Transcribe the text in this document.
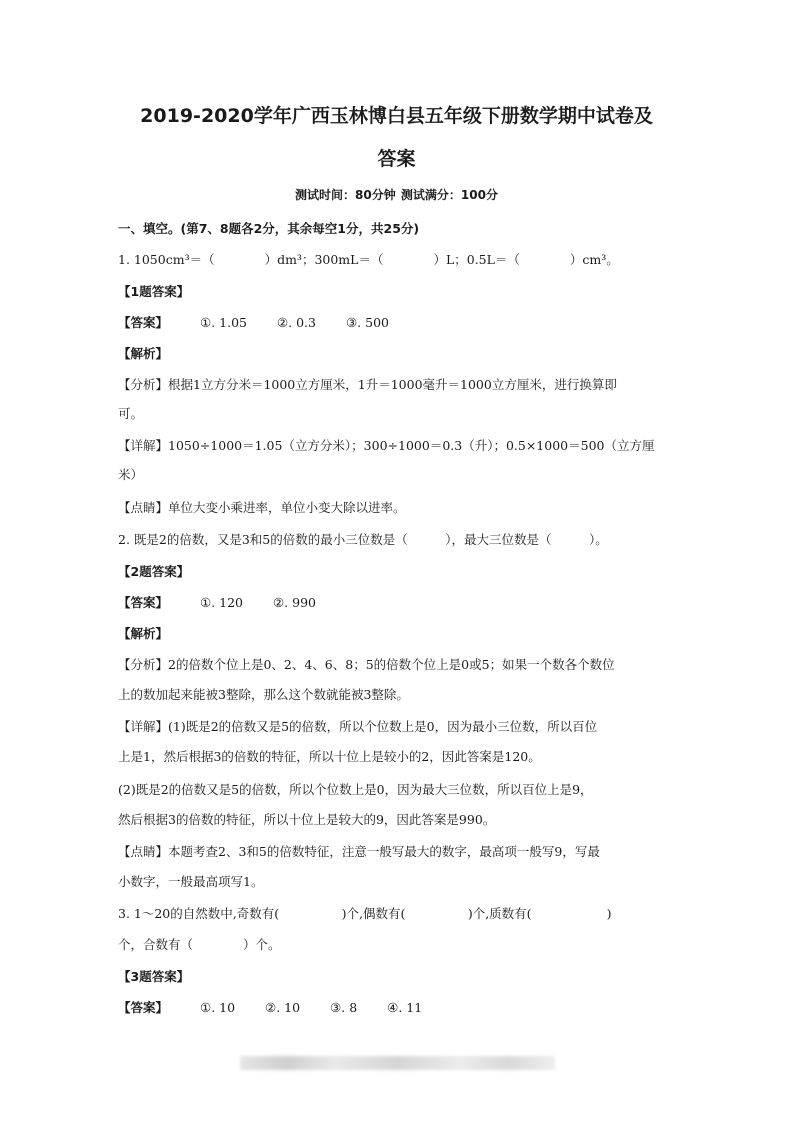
2019-2020学年广西玉林博白县五年级下册数学期中试卷及
答案
测试时间：80分钟 测试满分：100分
一、填空。(第7、8题各2分，其余每空1分，共25分)
1. 1050cm³＝（　　　　）dm³；300mL＝（　　　　）L；0.5L＝（　　　　）cm³。
【1题答案】
【答案】	①. 1.05 ②. 0.3 ③. 500
【解析】
【分析】根据1立方分米＝1000立方厘米，1升＝1000毫升＝1000立方厘米，进行换算即
可。
【详解】1050÷1000＝1.05（立方分米）；300÷1000＝0.3（升）；0.5×1000＝500（立方厘
米）
【点睛】单位大变小乘进率，单位小变大除以进率。
2. 既是2的倍数，又是3和5的倍数的最小三位数是（　　　），最大三位数是（　　　）。
【2题答案】
【答案】	①. 120 ②. 990
【解析】
【分析】2的倍数个位上是0、2、4、6、8；5的倍数个位上是0或5；如果一个数各个数位
上的数加起来能被3整除，那么这个数就能被3整除。
【详解】(1)既是2的倍数又是5的倍数，所以个位数上是0，因为最小三位数，所以百位
上是1，然后根据3的倍数的特征，所以十位上是较小的2，因此答案是120。
(2)既是2的倍数又是5的倍数，所以个位数上是0，因为最大三位数，所以百位上是9，
然后根据3的倍数的特征，所以十位上是较大的9，因此答案是990。
【点睛】本题考查2、3和5的倍数特征，注意一般写最大的数字，最高项一般写9，写最
小数字，一般最高项写1。
3. 1～20的自然数中,奇数有(　　　　　)个,偶数有(　　　　　)个,质数有(　　　　　　)
个，合数有（　　　　）个。
【3题答案】
【答案】	①. 10 ②. 10 ③. 8 ④. 11
